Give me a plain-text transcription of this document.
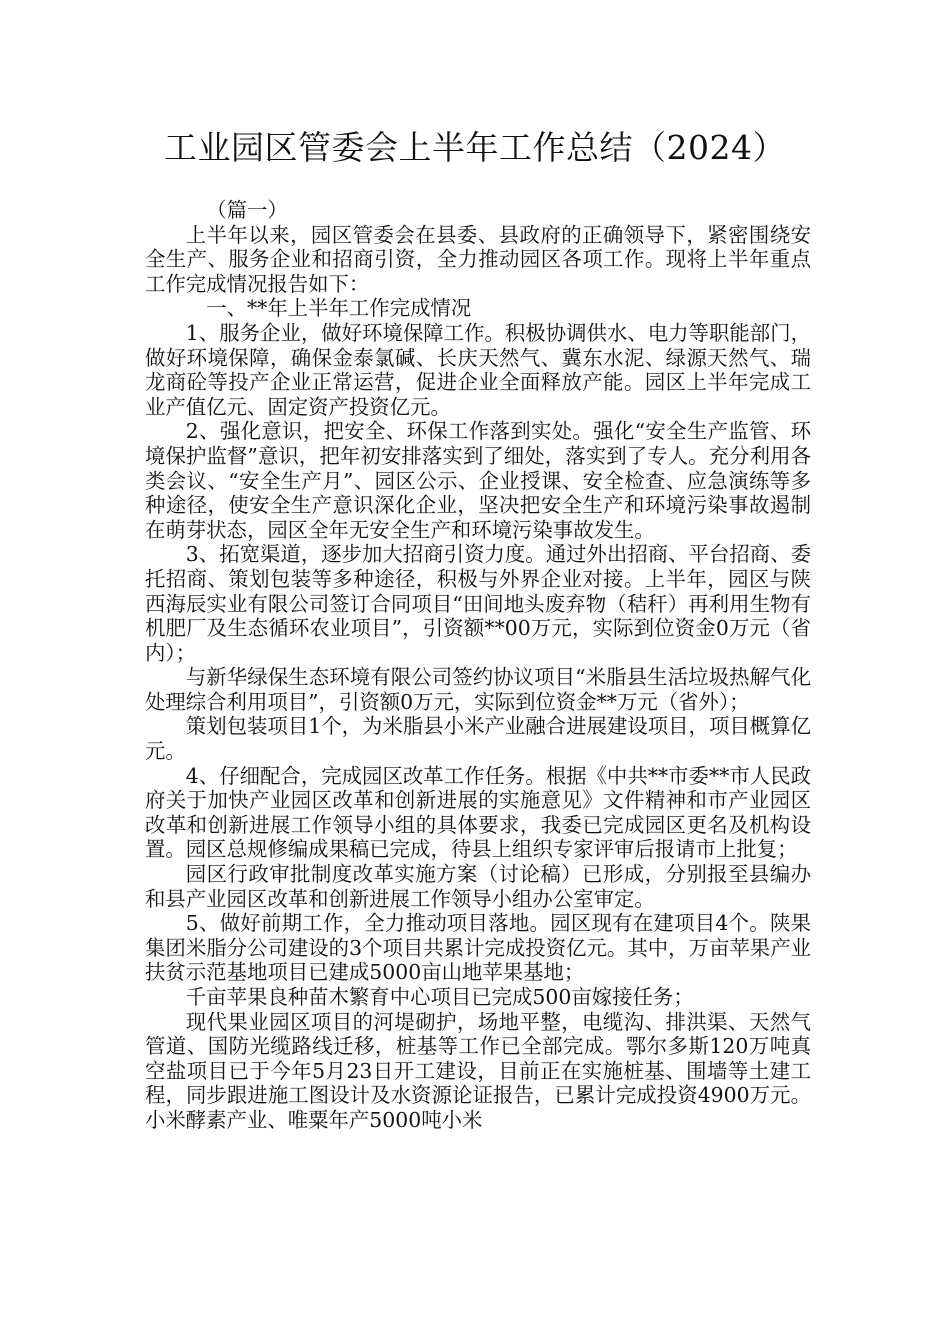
工业园区管委会上半年工作总结（2024）

（篇一）

上半年以来，园区管委会在县委、县政府的正确领导下，紧密围绕安全生产、服务企业和招商引资，全力推动园区各项工作。现将上半年重点工作完成情况报告如下：

一、**年上半年工作完成情况

1、服务企业，做好环境保障工作。积极协调供水、电力等职能部门，做好环境保障，确保金泰氯碱、长庆天然气、冀东水泥、绿源天然气、瑞龙商砼等投产企业正常运营，促进企业全面释放产能。园区上半年完成工业产值亿元、固定资产投资亿元。

2、强化意识，把安全、环保工作落到实处。强化“安全生产监管、环境保护监督”意识，把年初安排落实到了细处，落实到了专人。充分利用各类会议、“安全生产月”、园区公示、企业授课、安全检查、应急演练等多种途径，使安全生产意识深化企业，坚决把安全生产和环境污染事故遏制在萌芽状态，园区全年无安全生产和环境污染事故发生。

3、拓宽渠道，逐步加大招商引资力度。通过外出招商、平台招商、委托招商、策划包装等多种途径，积极与外界企业对接。上半年，园区与陕西海辰实业有限公司签订合同项目“田间地头废弃物（秸秆）再利用生物有机肥厂及生态循环农业项目”，引资额**00万元，实际到位资金0万元（省内）；

与新华绿保生态环境有限公司签约协议项目“米脂县生活垃圾热解气化处理综合利用项目”，引资额0万元，实际到位资金**万元（省外）；

策划包装项目1个，为米脂县小米产业融合进展建设项目，项目概算亿元。

4、仔细配合，完成园区改革工作任务。根据《中共**市委**市人民政府关于加快产业园区改革和创新进展的实施意见》文件精神和市产业园区改革和创新进展工作领导小组的具体要求，我委已完成园区更名及机构设置。园区总规修编成果稿已完成，待县上组织专家评审后报请市上批复；

园区行政审批制度改革实施方案（讨论稿）已形成，分别报至县编办和县产业园区改革和创新进展工作领导小组办公室审定。

5、做好前期工作，全力推动项目落地。园区现有在建项目4个。陕果集团米脂分公司建设的3个项目共累计完成投资亿元。其中，万亩苹果产业扶贫示范基地项目已建成5000亩山地苹果基地；

千亩苹果良种苗木繁育中心项目已完成500亩嫁接任务；

现代果业园区项目的河堤砌护，场地平整，电缆沟、排洪渠、天然气管道、国防光缆路线迁移，桩基等工作已全部完成。鄂尔多斯120万吨真空盐项目已于今年5月23日开工建设，目前正在实施桩基、围墙等土建工程，同步跟进施工图设计及水资源论证报告，已累计完成投资4900万元。小米酵素产业、唯粟年产5000吨小米
